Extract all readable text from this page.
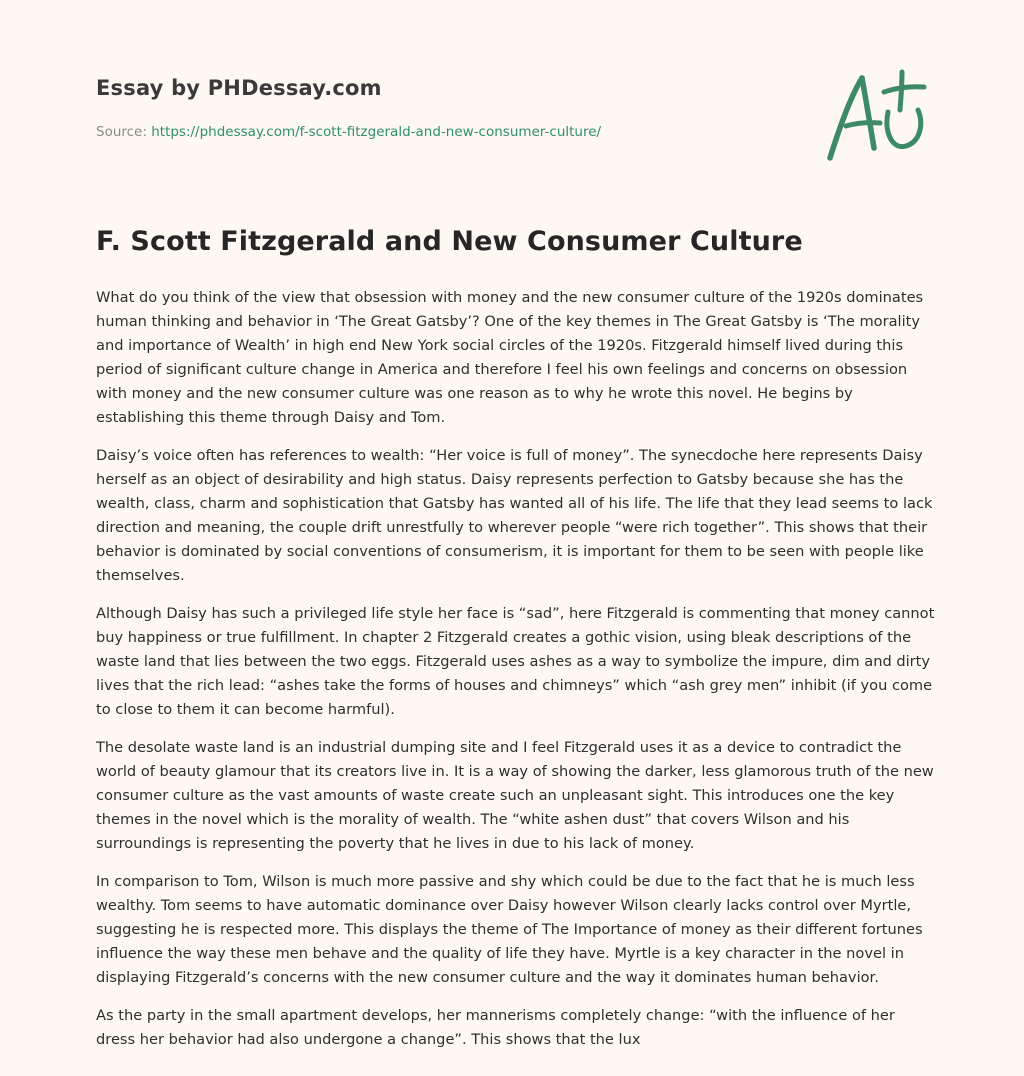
Essay by PHDessay.com
Source: https://phdessay.com/f-scott-fitzgerald-and-new-consumer-culture/
F. Scott Fitzgerald and New Consumer Culture

What do you think of the view that obsession with money and the new consumer culture of the 1920s dominates human thinking and behavior in ‘The Great Gatsby’? One of the key themes in The Great Gatsby is ‘The morality and importance of Wealth’ in high end New York social circles of the 1920s. Fitzgerald himself lived during this period of significant culture change in America and therefore I feel his own feelings and concerns on obsession with money and the new consumer culture was one reason as to why he wrote this novel. He begins by establishing this theme through Daisy and Tom.

Daisy’s voice often has references to wealth: “Her voice is full of money”. The synecdoche here represents Daisy herself as an object of desirability and high status. Daisy represents perfection to Gatsby because she has the wealth, class, charm and sophistication that Gatsby has wanted all of his life. The life that they lead seems to lack direction and meaning, the couple drift unrestfully to wherever people “were rich together”. This shows that their behavior is dominated by social conventions of consumerism, it is important for them to be seen with people like themselves.

Although Daisy has such a privileged life style her face is “sad”, here Fitzgerald is commenting that money cannot buy happiness or true fulfillment. In chapter 2 Fitzgerald creates a gothic vision, using bleak descriptions of the waste land that lies between the two eggs. Fitzgerald uses ashes as a way to symbolize the impure, dim and dirty lives that the rich lead: “ashes take the forms of houses and chimneys” which “ash grey men” inhibit (if you come to close to them it can become harmful).

The desolate waste land is an industrial dumping site and I feel Fitzgerald uses it as a device to contradict the world of beauty glamour that its creators live in. It is a way of showing the darker, less glamorous truth of the new consumer culture as the vast amounts of waste create such an unpleasant sight. This introduces one the key themes in the novel which is the morality of wealth. The “white ashen dust” that covers Wilson and his surroundings is representing the poverty that he lives in due to his lack of money.

In comparison to Tom, Wilson is much more passive and shy which could be due to the fact that he is much less wealthy. Tom seems to have automatic dominance over Daisy however Wilson clearly lacks control over Myrtle, suggesting he is respected more. This displays the theme of The Importance of money as their different fortunes influence the way these men behave and the quality of life they have. Myrtle is a key character in the novel in displaying Fitzgerald’s concerns with the new consumer culture and the way it dominates human behavior.

As the party in the small apartment develops, her mannerisms completely change: “with the influence of her dress her behavior had also undergone a change”. This shows that the lux
